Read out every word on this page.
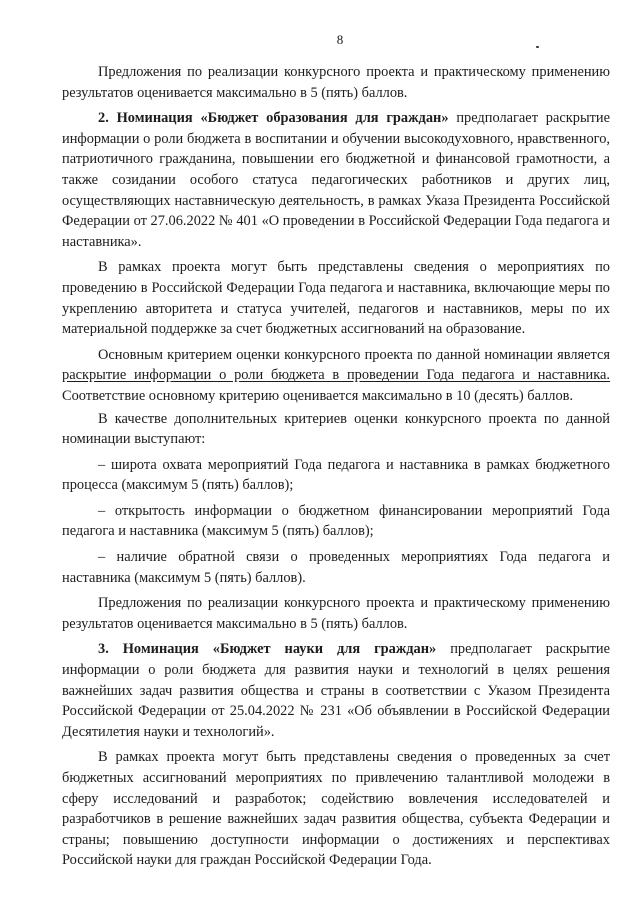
8

Предложения по реализации конкурсного проекта и практическому применению результатов оценивается максимально в 5 (пять) баллов.

2. Номинация «Бюджет образования для граждан» предполагает раскрытие информации о роли бюджета в воспитании и обучении высокодуховного, нравственного, патриотичного гражданина, повышении его бюджетной и финансовой грамотности, а также созидании особого статуса педагогических работников и других лиц, осуществляющих наставническую деятельность, в рамках Указа Президента Российской Федерации от 27.06.2022 № 401 «О проведении в Российской Федерации Года педагога и наставника».

В рамках проекта могут быть представлены сведения о мероприятиях по проведению в Российской Федерации Года педагога и наставника, включающие меры по укреплению авторитета и статуса учителей, педагогов и наставников, меры по их материальной поддержке за счет бюджетных ассигнований на образование.

Основным критерием оценки конкурсного проекта по данной номинации является раскрытие информации о роли бюджета в проведении Года педагога и наставника. Соответствие основному критерию оценивается максимально в 10 (десять) баллов.

В качестве дополнительных критериев оценки конкурсного проекта по данной номинации выступают:

– широта охвата мероприятий Года педагога и наставника в рамках бюджетного процесса (максимум 5 (пять) баллов);

– открытость информации о бюджетном финансировании мероприятий Года педагога и наставника (максимум 5 (пять) баллов);

– наличие обратной связи о проведенных мероприятиях Года педагога и наставника (максимум 5 (пять) баллов).

Предложения по реализации конкурсного проекта и практическому применению результатов оценивается максимально в 5 (пять) баллов.

3. Номинация «Бюджет науки для граждан» предполагает раскрытие информации о роли бюджета для развития науки и технологий в целях решения важнейших задач развития общества и страны в соответствии с Указом Президента Российской Федерации от 25.04.2022 № 231 «Об объявлении в Российской Федерации Десятилетия науки и технологий».

В рамках проекта могут быть представлены сведения о проведенных за счет бюджетных ассигнований мероприятиях по привлечению талантливой молодежи в сферу исследований и разработок; содействию вовлечения исследователей и разработчиков в решение важнейших задач развития общества, субъекта Федерации и страны; повышению доступности информации о достижениях и перспективах Российской науки для граждан Российской Федерации Года.
